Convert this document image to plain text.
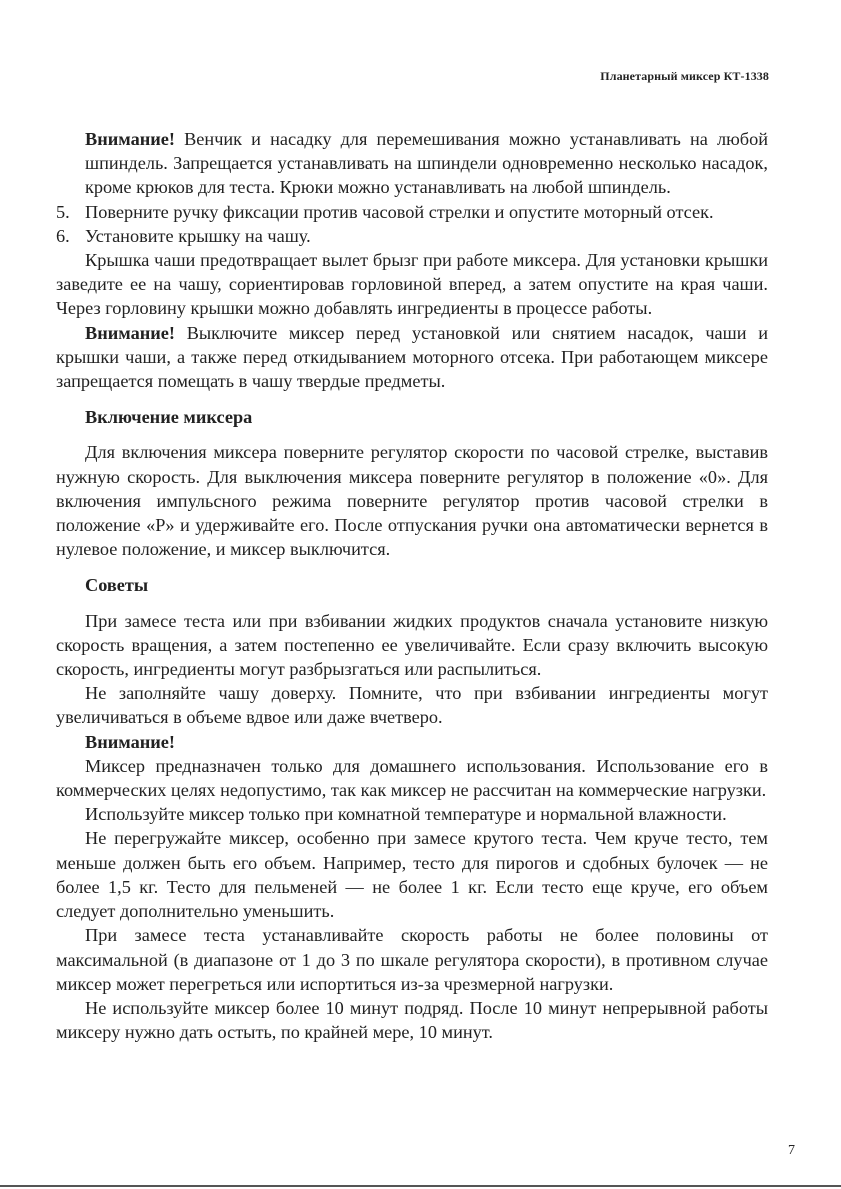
Планетарный миксер КТ-1338

Внимание! Венчик и насадку для перемешивания можно устанавливать на любой шпиндель. Запрещается устанавливать на шпиндели одновременно несколько насадок, кроме крюков для теста. Крюки можно устанавливать на любой шпиндель.

5. Поверните ручку фиксации против часовой стрелки и опустите моторный отсек.
6. Установите крышку на чашу.

Крышка чаши предотвращает вылет брызг при работе миксера. Для установки крышки заведите ее на чашу, сориентировав горловиной вперед, а затем опустите на края чаши. Через горловину крышки можно добавлять ингредиенты в процессе работы.

Внимание! Выключите миксер перед установкой или снятием насадок, чаши и крышки чаши, а также перед откидыванием моторного отсека. При работающем миксере запрещается помещать в чашу твердые предметы.

Включение миксера

Для включения миксера поверните регулятор скорости по часовой стрелке, выставив нужную скорость. Для выключения миксера поверните регулятор в положение «0». Для включения импульсного режима поверните регулятор против часовой стрелки в положение «P» и удерживайте его. После отпускания ручки она автоматически вернется в нулевое положение, и миксер выключится.

Советы

При замесе теста или при взбивании жидких продуктов сначала установите низкую скорость вращения, а затем постепенно ее увеличивайте. Если сразу включить высокую скорость, ингредиенты могут разбрызгаться или распылиться.

Не заполняйте чашу доверху. Помните, что при взбивании ингредиенты могут увеличиваться в объеме вдвое или даже вчетверо.

Внимание!

Миксер предназначен только для домашнего использования. Использование его в коммерческих целях недопустимо, так как миксер не рассчитан на коммерческие нагрузки.

Используйте миксер только при комнатной температуре и нормальной влажности.

Не перегружайте миксер, особенно при замесе крутого теста. Чем круче тесто, тем меньше должен быть его объем. Например, тесто для пирогов и сдобных булочек — не более 1,5 кг. Тесто для пельменей — не более 1 кг. Если тесто еще круче, его объем следует дополнительно уменьшить.

При замесе теста устанавливайте скорость работы не более половины от максимальной (в диапазоне от 1 до 3 по шкале регулятора скорости), в противном случае миксер может перегреться или испортиться из-за чрезмерной нагрузки.

Не используйте миксер более 10 минут подряд. После 10 минут непрерывной работы миксеру нужно дать остыть, по крайней мере, 10 минут.

7
